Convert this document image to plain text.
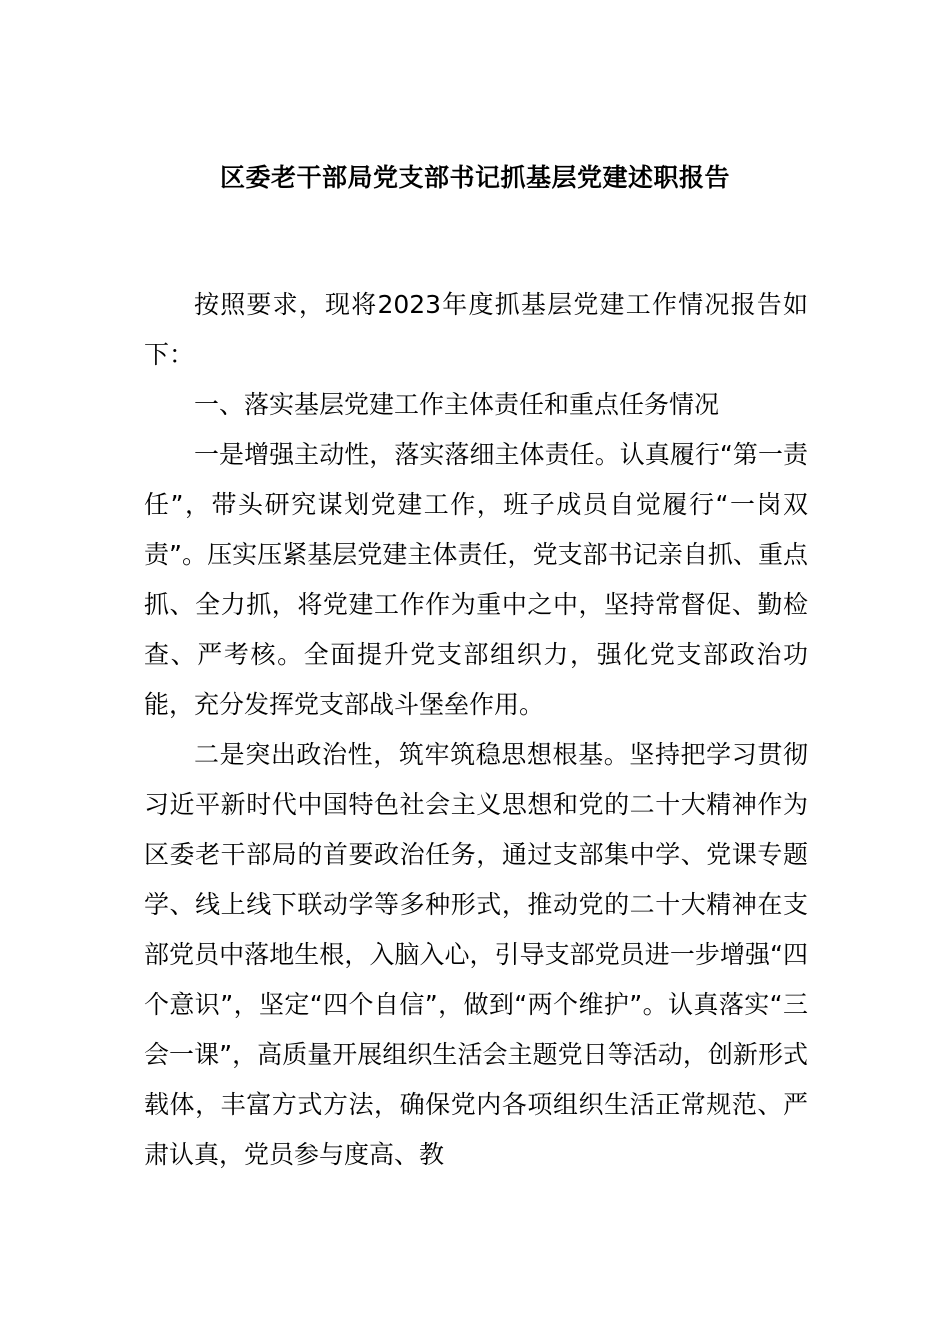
区委老干部局党支部书记抓基层党建述职报告

按照要求，现将2023年度抓基层党建工作情况报告如下：

一、落实基层党建工作主体责任和重点任务情况

一是增强主动性，落实落细主体责任。认真履行“第一责任”，带头研究谋划党建工作，班子成员自觉履行“一岗双责”。压实压紧基层党建主体责任，党支部书记亲自抓、重点抓、全力抓，将党建工作作为重中之中，坚持常督促、勤检查、严考核。全面提升党支部组织力，强化党支部政治功能，充分发挥党支部战斗堡垒作用。

二是突出政治性，筑牢筑稳思想根基。坚持把学习贯彻习近平新时代中国特色社会主义思想和党的二十大精神作为区委老干部局的首要政治任务，通过支部集中学、党课专题学、线上线下联动学等多种形式，推动党的二十大精神在支部党员中落地生根，入脑入心，引导支部党员进一步增强“四个意识”，坚定“四个自信”，做到“两个维护”。认真落实“三会一课”，高质量开展组织生活会主题党日等活动，创新形式载体，丰富方式方法，确保党内各项组织生活正常规范、严肃认真，党员参与度高、教
